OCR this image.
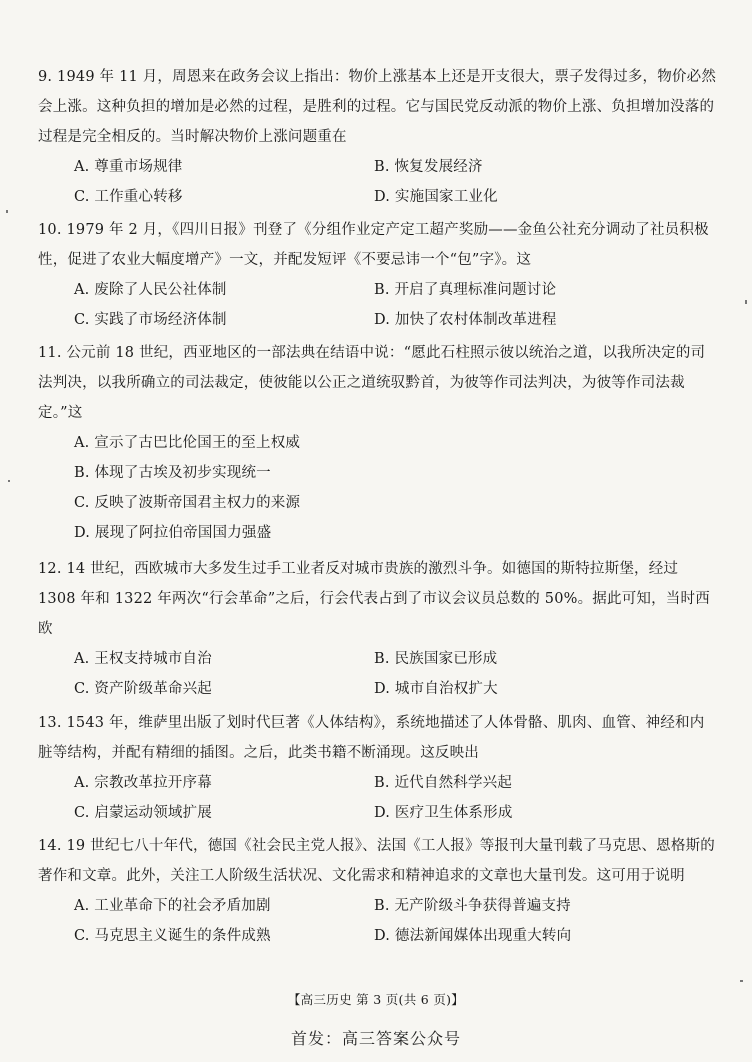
9. 1949 年 11 月，周恩来在政务会议上指出：物价上涨基本上还是开支很大，票子发得过多，物价必然会上涨。这种负担的增加是必然的过程，是胜利的过程。它与国民党反动派的物价上涨、负担增加没落的过程是完全相反的。当时解决物价上涨问题重在
A. 尊重市场规律	B. 恢复发展经济
C. 工作重心转移	D. 实施国家工业化
10. 1979 年 2 月，《四川日报》刊登了《分组作业定产定工超产奖励——金鱼公社充分调动了社员积极性，促进了农业大幅度增产》一文，并配发短评《不要忌讳一个“包”字》。这
A. 废除了人民公社体制	B. 开启了真理标准问题讨论
C. 实践了市场经济体制	D. 加快了农村体制改革进程
11. 公元前 18 世纪，西亚地区的一部法典在结语中说：“愿此石柱照示彼以统治之道，以我所决定的司法判决，以我所确立的司法裁定，使彼能以公正之道统驭黔首，为彼等作司法判决，为彼等作司法裁定。”这
A. 宣示了古巴比伦国王的至上权威
B. 体现了古埃及初步实现统一
C. 反映了波斯帝国君主权力的来源
D. 展现了阿拉伯帝国国力强盛
12. 14 世纪，西欧城市大多发生过手工业者反对城市贵族的激烈斗争。如德国的斯特拉斯堡，经过 1308 年和 1322 年两次“行会革命”之后，行会代表占到了市议会议员总数的 50%。据此可知，当时西欧
A. 王权支持城市自治	B. 民族国家已形成
C. 资产阶级革命兴起	D. 城市自治权扩大
13. 1543 年，维萨里出版了划时代巨著《人体结构》，系统地描述了人体骨骼、肌肉、血管、神经和内脏等结构，并配有精细的插图。之后，此类书籍不断涌现。这反映出
A. 宗教改革拉开序幕	B. 近代自然科学兴起
C. 启蒙运动领域扩展	D. 医疗卫生体系形成
14. 19 世纪七八十年代，德国《社会民主党人报》、法国《工人报》等报刊大量刊载了马克思、恩格斯的著作和文章。此外，关注工人阶级生活状况、文化需求和精神追求的文章也大量刊发。这可用于说明
A. 工业革命下的社会矛盾加剧	B. 无产阶级斗争获得普遍支持
C. 马克思主义诞生的条件成熟	D. 德法新闻媒体出现重大转向
【高三历史 第 3 页(共 6 页)】
首发：高三答案公众号
